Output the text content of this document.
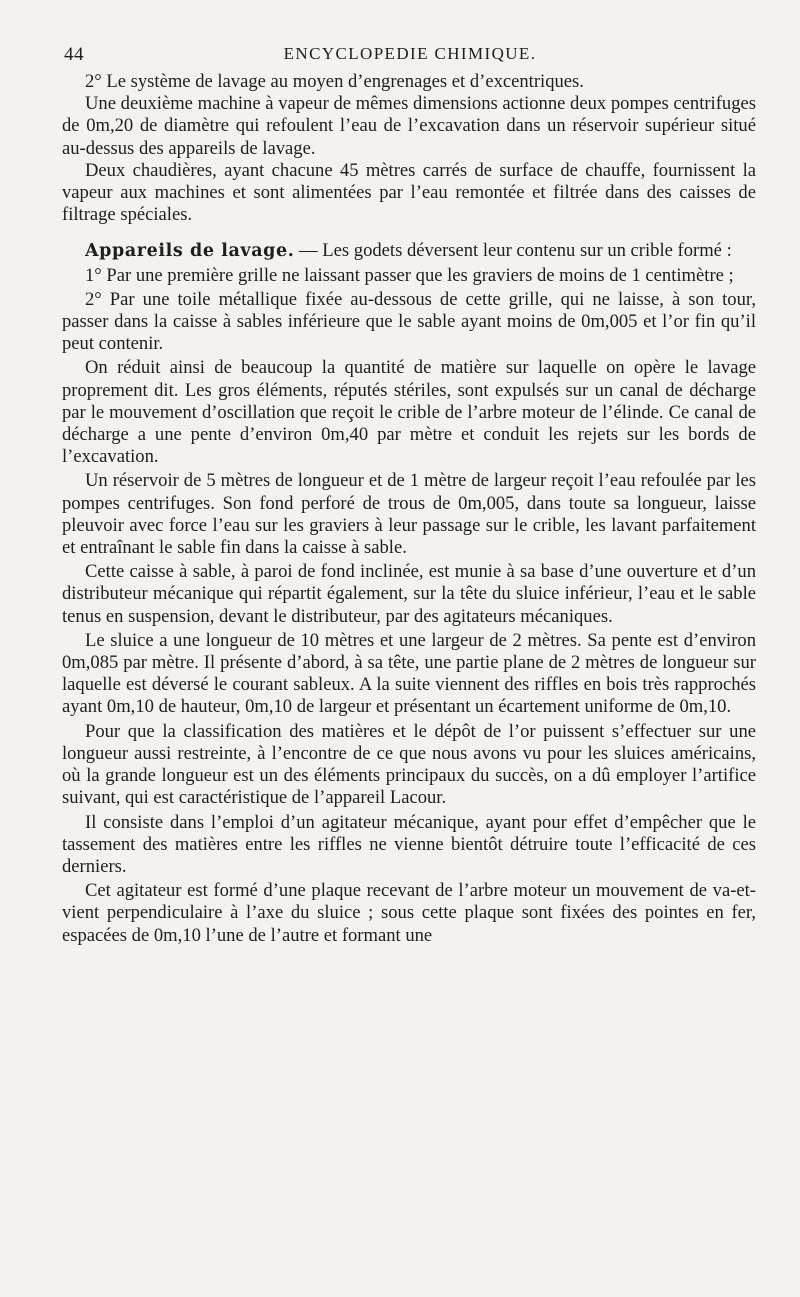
44	ENCYCLOPEDIE CHIMIQUE.

2° Le système de lavage au moyen d’engrenages et d’excentriques.

Une deuxième machine à vapeur de mêmes dimensions actionne deux pompes centrifuges de 0m,20 de diamètre qui refoulent l’eau de l’excavation dans un réservoir supérieur situé au-dessus des appareils de lavage.

Deux chaudières, ayant chacune 45 mètres carrés de surface de chauffe, fournissent la vapeur aux machines et sont alimentées par l’eau remontée et filtrée dans des caisses de filtrage spéciales.

Appareils de lavage. — Les godets déversent leur contenu sur un crible formé :

1° Par une première grille ne laissant passer que les graviers de moins de 1 centimètre ;

2° Par une toile métallique fixée au-dessous de cette grille, qui ne laisse, à son tour, passer dans la caisse à sables inférieure que le sable ayant moins de 0m,005 et l’or fin qu’il peut contenir.

On réduit ainsi de beaucoup la quantité de matière sur laquelle on opère le lavage proprement dit. Les gros éléments, réputés stériles, sont expulsés sur un canal de décharge par le mouvement d’oscillation que reçoit le crible de l’arbre moteur de l’élinde. Ce canal de décharge a une pente d’environ 0m,40 par mètre et conduit les rejets sur les bords de l’excavation.

Un réservoir de 5 mètres de longueur et de 1 mètre de largeur reçoit l’eau refoulée par les pompes centrifuges. Son fond perforé de trous de 0m,005, dans toute sa longueur, laisse pleuvoir avec force l’eau sur les graviers à leur passage sur le crible, les lavant parfaitement et entraînant le sable fin dans la caisse à sable.

Cette caisse à sable, à paroi de fond inclinée, est munie à sa base d’une ouverture et d’un distributeur mécanique qui répartit également, sur la tête du sluice inférieur, l’eau et le sable tenus en suspension, devant le distributeur, par des agitateurs mécaniques.

Le sluice a une longueur de 10 mètres et une largeur de 2 mètres. Sa pente est d’environ 0m,085 par mètre. Il présente d’abord, à sa tête, une partie plane de 2 mètres de longueur sur laquelle est déversé le courant sableux. A la suite viennent des riffles en bois très rapprochés ayant 0m,10 de hauteur, 0m,10 de largeur et présentant un écartement uniforme de 0m,10.

Pour que la classification des matières et le dépôt de l’or puissent s’effectuer sur une longueur aussi restreinte, à l’encontre de ce que nous avons vu pour les sluices américains, où la grande longueur est un des éléments principaux du succès, on a dû employer l’artifice suivant, qui est caractéristique de l’appareil Lacour.

Il consiste dans l’emploi d’un agitateur mécanique, ayant pour effet d’empêcher que le tassement des matières entre les riffles ne vienne bientôt détruire toute l’efficacité de ces derniers.

Cet agitateur est formé d’une plaque recevant de l’arbre moteur un mouvement de va-et-vient perpendiculaire à l’axe du sluice ; sous cette plaque sont fixées des pointes en fer, espacées de 0m,10 l’une de l’autre et formant une
